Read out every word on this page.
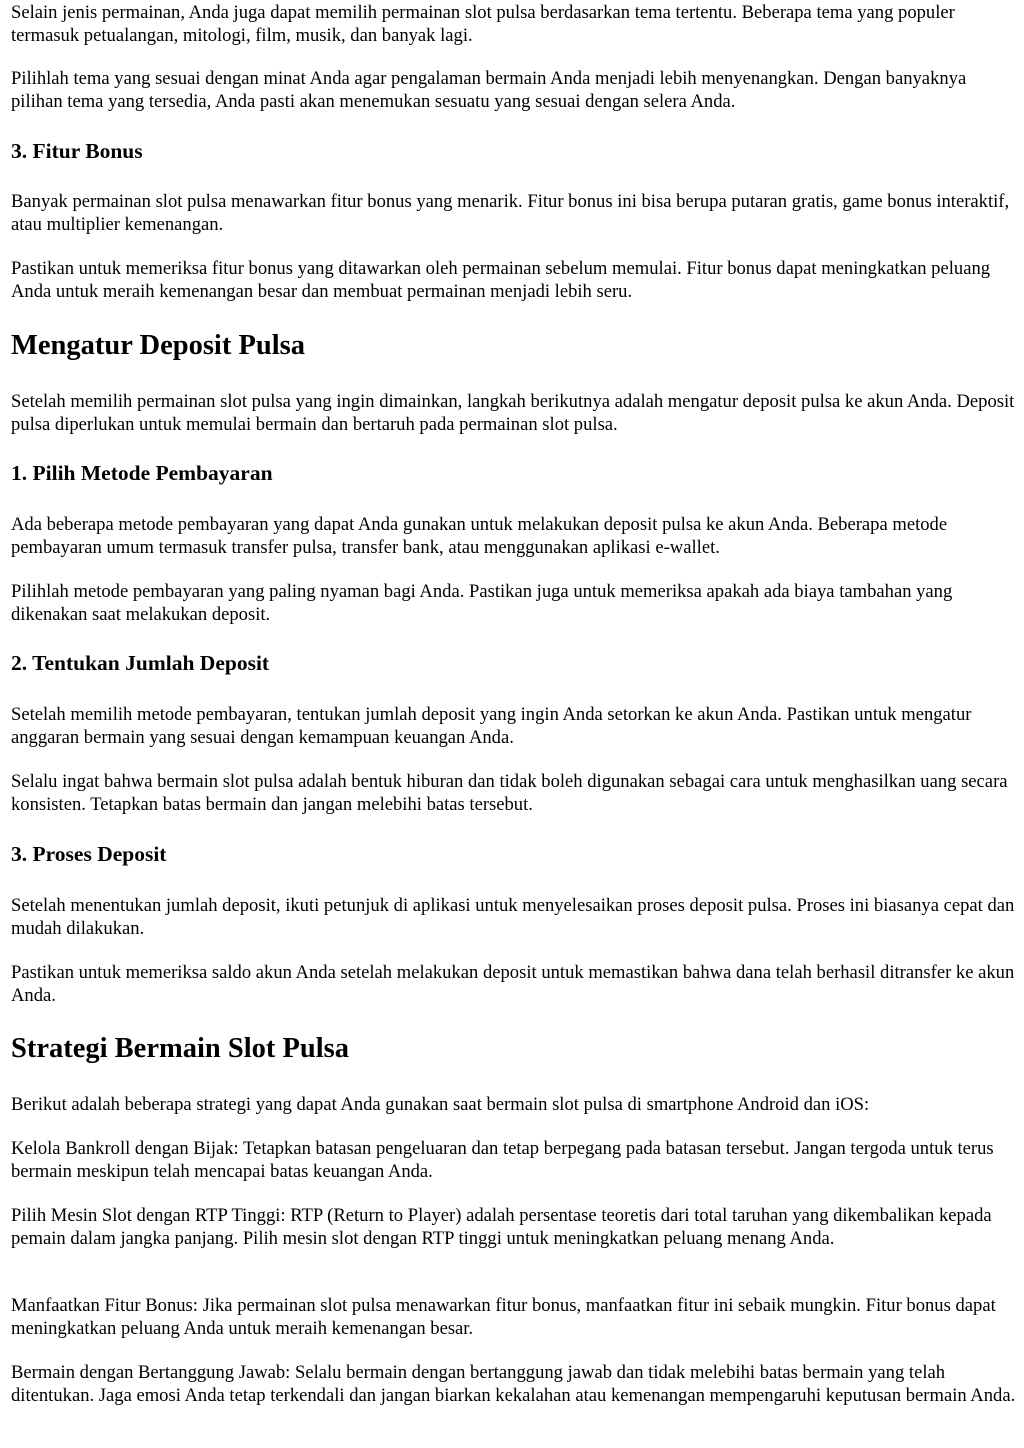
Selain jenis permainan, Anda juga dapat memilih permainan slot pulsa berdasarkan tema tertentu. Beberapa tema yang populer termasuk petualangan, mitologi, film, musik, dan banyak lagi.

Pilihlah tema yang sesuai dengan minat Anda agar pengalaman bermain Anda menjadi lebih menyenangkan. Dengan banyaknya pilihan tema yang tersedia, Anda pasti akan menemukan sesuatu yang sesuai dengan selera Anda.

3. Fitur Bonus

Banyak permainan slot pulsa menawarkan fitur bonus yang menarik. Fitur bonus ini bisa berupa putaran gratis, game bonus interaktif, atau multiplier kemenangan.

Pastikan untuk memeriksa fitur bonus yang ditawarkan oleh permainan sebelum memulai. Fitur bonus dapat meningkatkan peluang Anda untuk meraih kemenangan besar dan membuat permainan menjadi lebih seru.

Mengatur Deposit Pulsa

Setelah memilih permainan slot pulsa yang ingin dimainkan, langkah berikutnya adalah mengatur deposit pulsa ke akun Anda. Deposit pulsa diperlukan untuk memulai bermain dan bertaruh pada permainan slot pulsa.

1. Pilih Metode Pembayaran

Ada beberapa metode pembayaran yang dapat Anda gunakan untuk melakukan deposit pulsa ke akun Anda. Beberapa metode pembayaran umum termasuk transfer pulsa, transfer bank, atau menggunakan aplikasi e-wallet.

Pilihlah metode pembayaran yang paling nyaman bagi Anda. Pastikan juga untuk memeriksa apakah ada biaya tambahan yang dikenakan saat melakukan deposit.

2. Tentukan Jumlah Deposit

Setelah memilih metode pembayaran, tentukan jumlah deposit yang ingin Anda setorkan ke akun Anda. Pastikan untuk mengatur anggaran bermain yang sesuai dengan kemampuan keuangan Anda.

Selalu ingat bahwa bermain slot pulsa adalah bentuk hiburan dan tidak boleh digunakan sebagai cara untuk menghasilkan uang secara konsisten. Tetapkan batas bermain dan jangan melebihi batas tersebut.

3. Proses Deposit

Setelah menentukan jumlah deposit, ikuti petunjuk di aplikasi untuk menyelesaikan proses deposit pulsa. Proses ini biasanya cepat dan mudah dilakukan.

Pastikan untuk memeriksa saldo akun Anda setelah melakukan deposit untuk memastikan bahwa dana telah berhasil ditransfer ke akun Anda.

Strategi Bermain Slot Pulsa

Berikut adalah beberapa strategi yang dapat Anda gunakan saat bermain slot pulsa di smartphone Android dan iOS:

Kelola Bankroll dengan Bijak: Tetapkan batasan pengeluaran dan tetap berpegang pada batasan tersebut. Jangan tergoda untuk terus bermain meskipun telah mencapai batas keuangan Anda.

Pilih Mesin Slot dengan RTP Tinggi: RTP (Return to Player) adalah persentase teoretis dari total taruhan yang dikembalikan kepada pemain dalam jangka panjang. Pilih mesin slot dengan RTP tinggi untuk meningkatkan peluang menang Anda.

Manfaatkan Fitur Bonus: Jika permainan slot pulsa menawarkan fitur bonus, manfaatkan fitur ini sebaik mungkin. Fitur bonus dapat meningkatkan peluang Anda untuk meraih kemenangan besar.

Bermain dengan Bertanggung Jawab: Selalu bermain dengan bertanggung jawab dan tidak melebihi batas bermain yang telah ditentukan. Jaga emosi Anda tetap terkendali dan jangan biarkan kekalahan atau kemenangan mempengaruhi keputusan bermain Anda.
